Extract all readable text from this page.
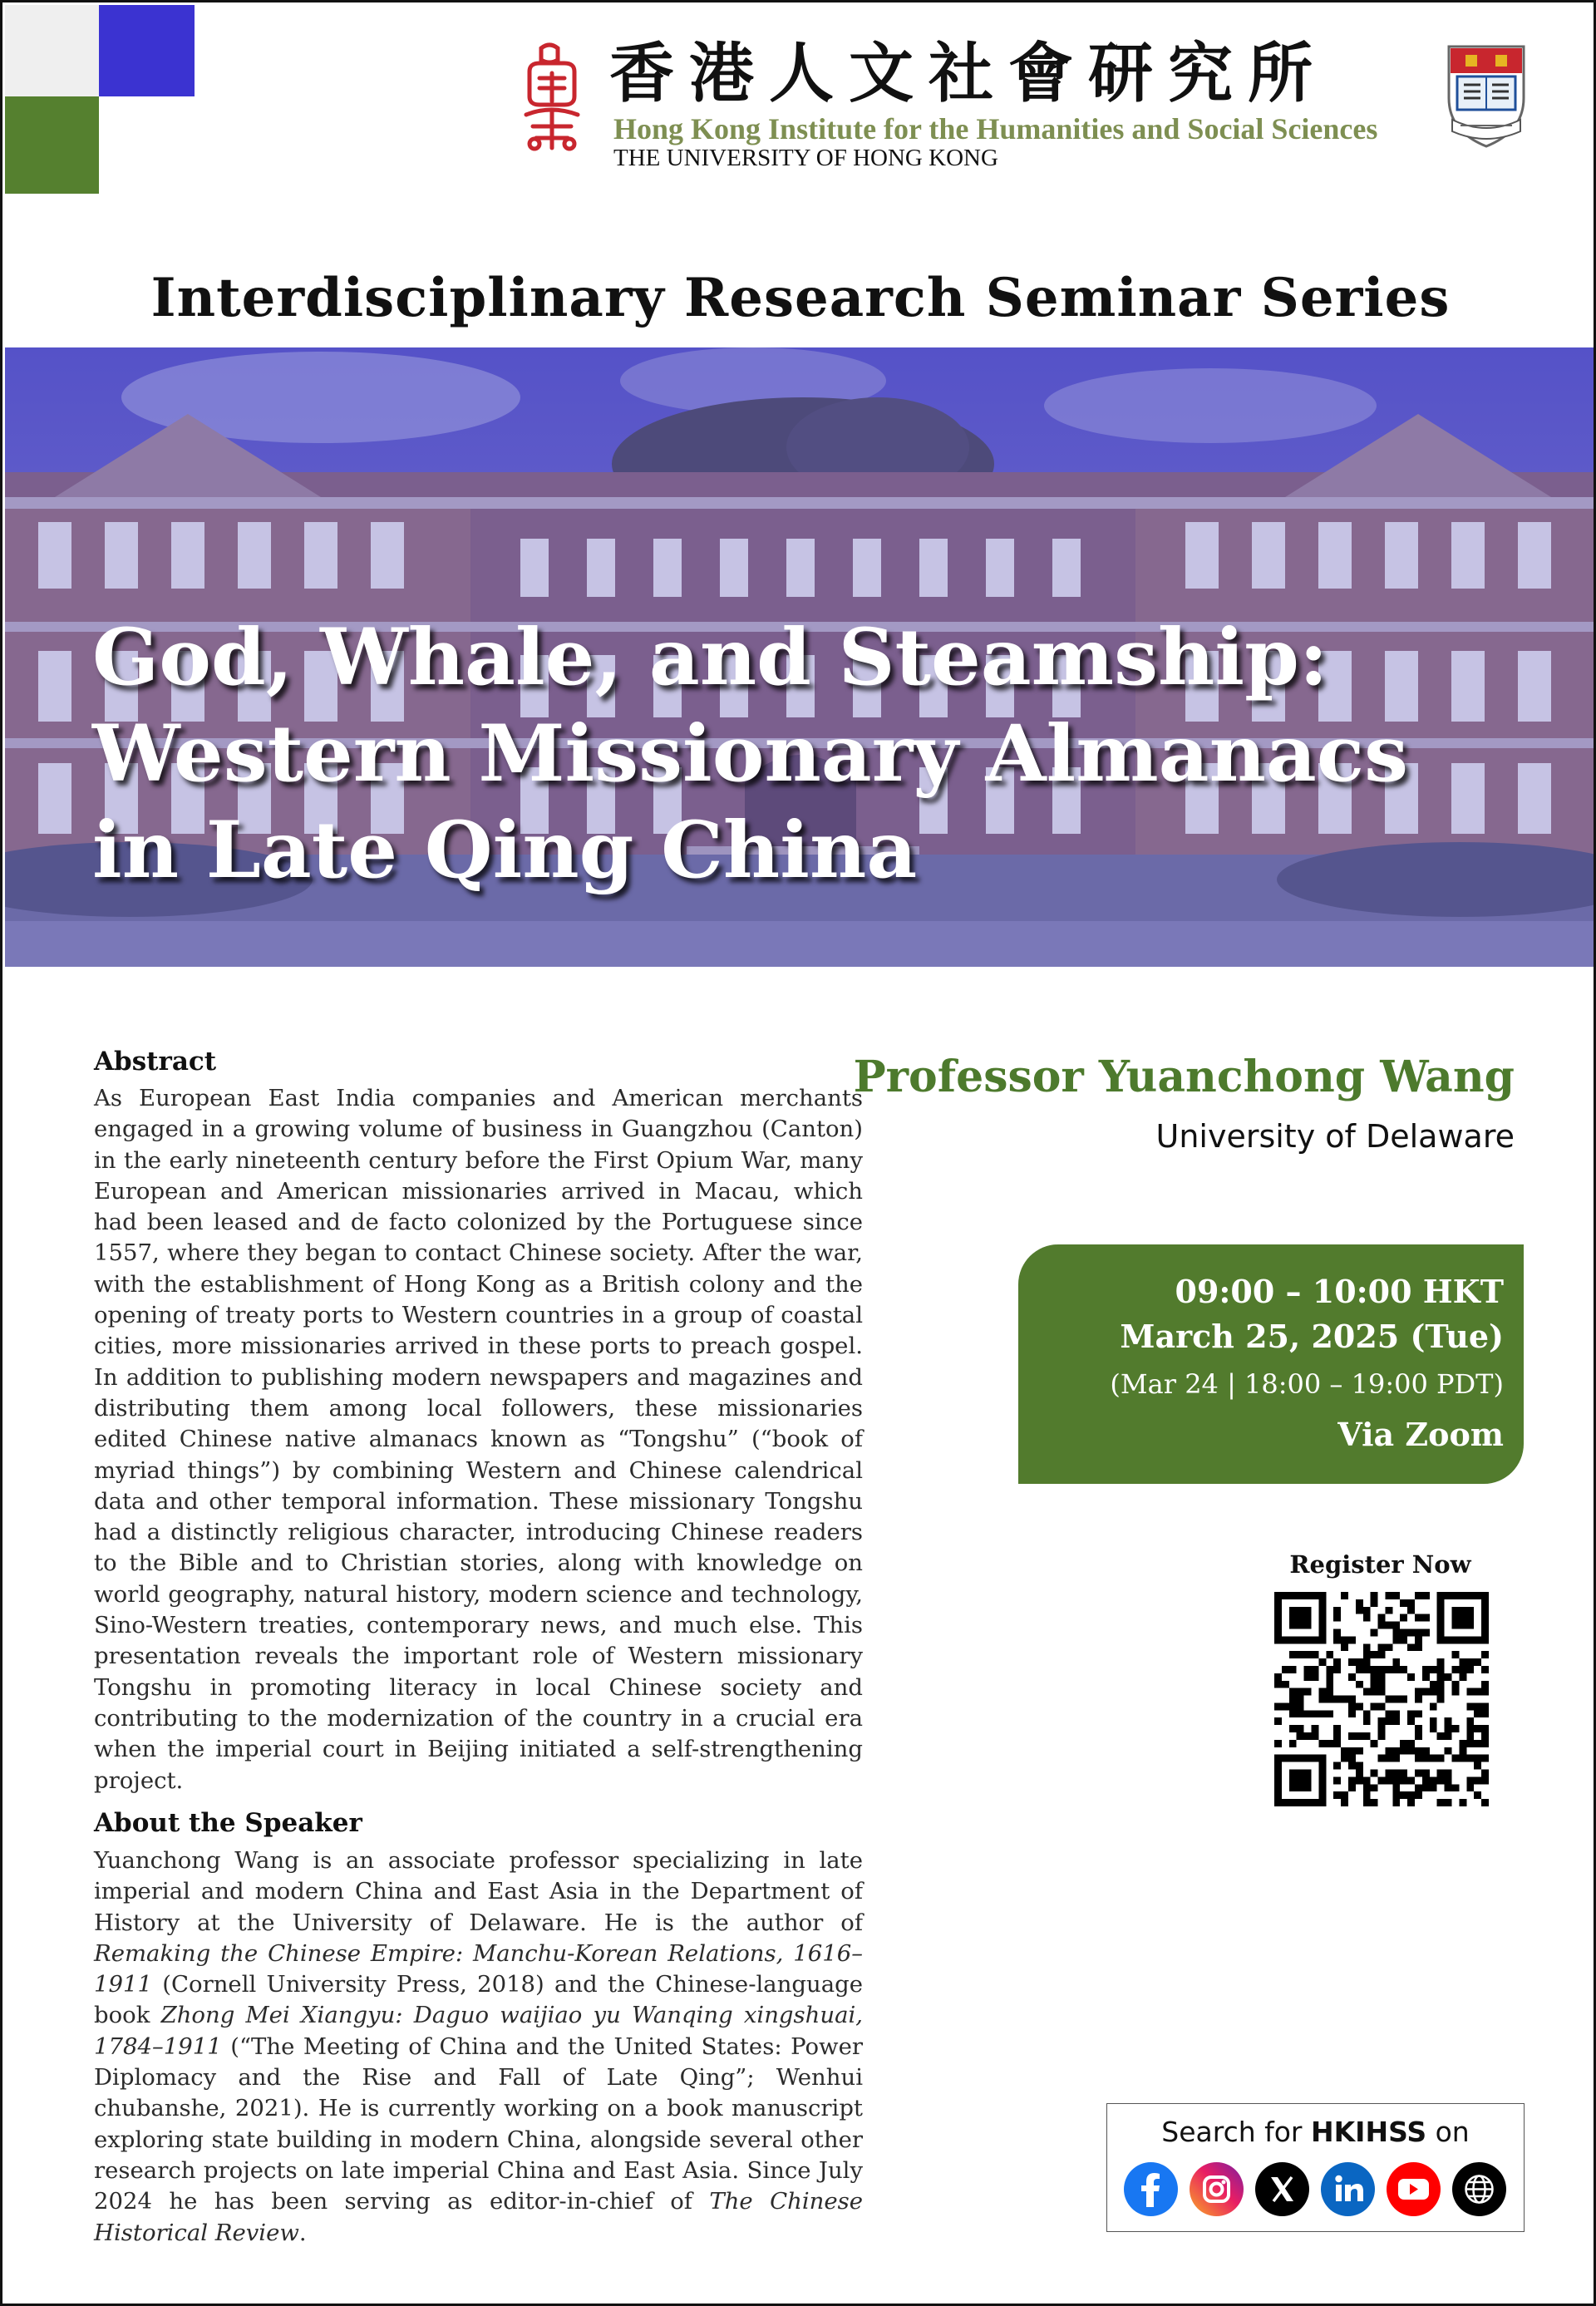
香港人文社會研究所
Hong Kong Institute for the Humanities and Social Sciences
THE UNIVERSITY OF HONG KONG
Interdisciplinary Research Seminar Series
God, Whale, and Steamship:
Western Missionary Almanacs
in Late Qing China
Abstract
As European East India companies and American merchants engaged in a growing volume of business in Guangzhou (Canton) in the early nineteenth century before the First Opium War, many European and American missionaries arrived in Macau, which had been leased and de facto colonized by the Portuguese since 1557, where they began to contact Chinese society. After the war, with the establishment of Hong Kong as a British colony and the opening of treaty ports to Western countries in a group of coastal cities, more missionaries arrived in these ports to preach gospel. In addition to publishing modern newspapers and magazines and distributing them among local followers, these missionaries edited Chinese native almanacs known as “Tongshu” (“book of myriad things”) by combining Western and Chinese calendrical data and other temporal information. These missionary Tongshu had a distinctly religious character, introducing Chinese readers to the Bible and to Christian stories, along with knowledge on world geography, natural history, modern science and technology, Sino-Western treaties, contemporary news, and much else. This presentation reveals the important role of Western missionary Tongshu in promoting literacy in local Chinese society and contributing to the modernization of the country in a crucial era when the imperial court in Beijing initiated a self-strengthening project.
About the Speaker
Yuanchong Wang is an associate professor specializing in late imperial and modern China and East Asia in the Department of History at the University of Delaware. He is the author of Remaking the Chinese Empire: Manchu-Korean Relations, 1616–1911 (Cornell University Press, 2018) and the Chinese-language book Zhong Mei Xiangyu: Daguo waijiao yu Wanqing xingshuai, 1784–1911 (“The Meeting of China and the United States: Power Diplomacy and the Rise and Fall of Late Qing”; Wenhui chubanshe, 2021). He is currently working on a book manuscript exploring state building in modern China, alongside several other research projects on late imperial China and East Asia. Since July 2024 he has been serving as editor-in-chief of The Chinese Historical Review.
Professor Yuanchong Wang
University of Delaware
09:00 – 10:00 HKT
March 25, 2025 (Tue)
(Mar 24 | 18:00 – 19:00 PDT)
Via Zoom
Register Now
Search for HKIHSS on
